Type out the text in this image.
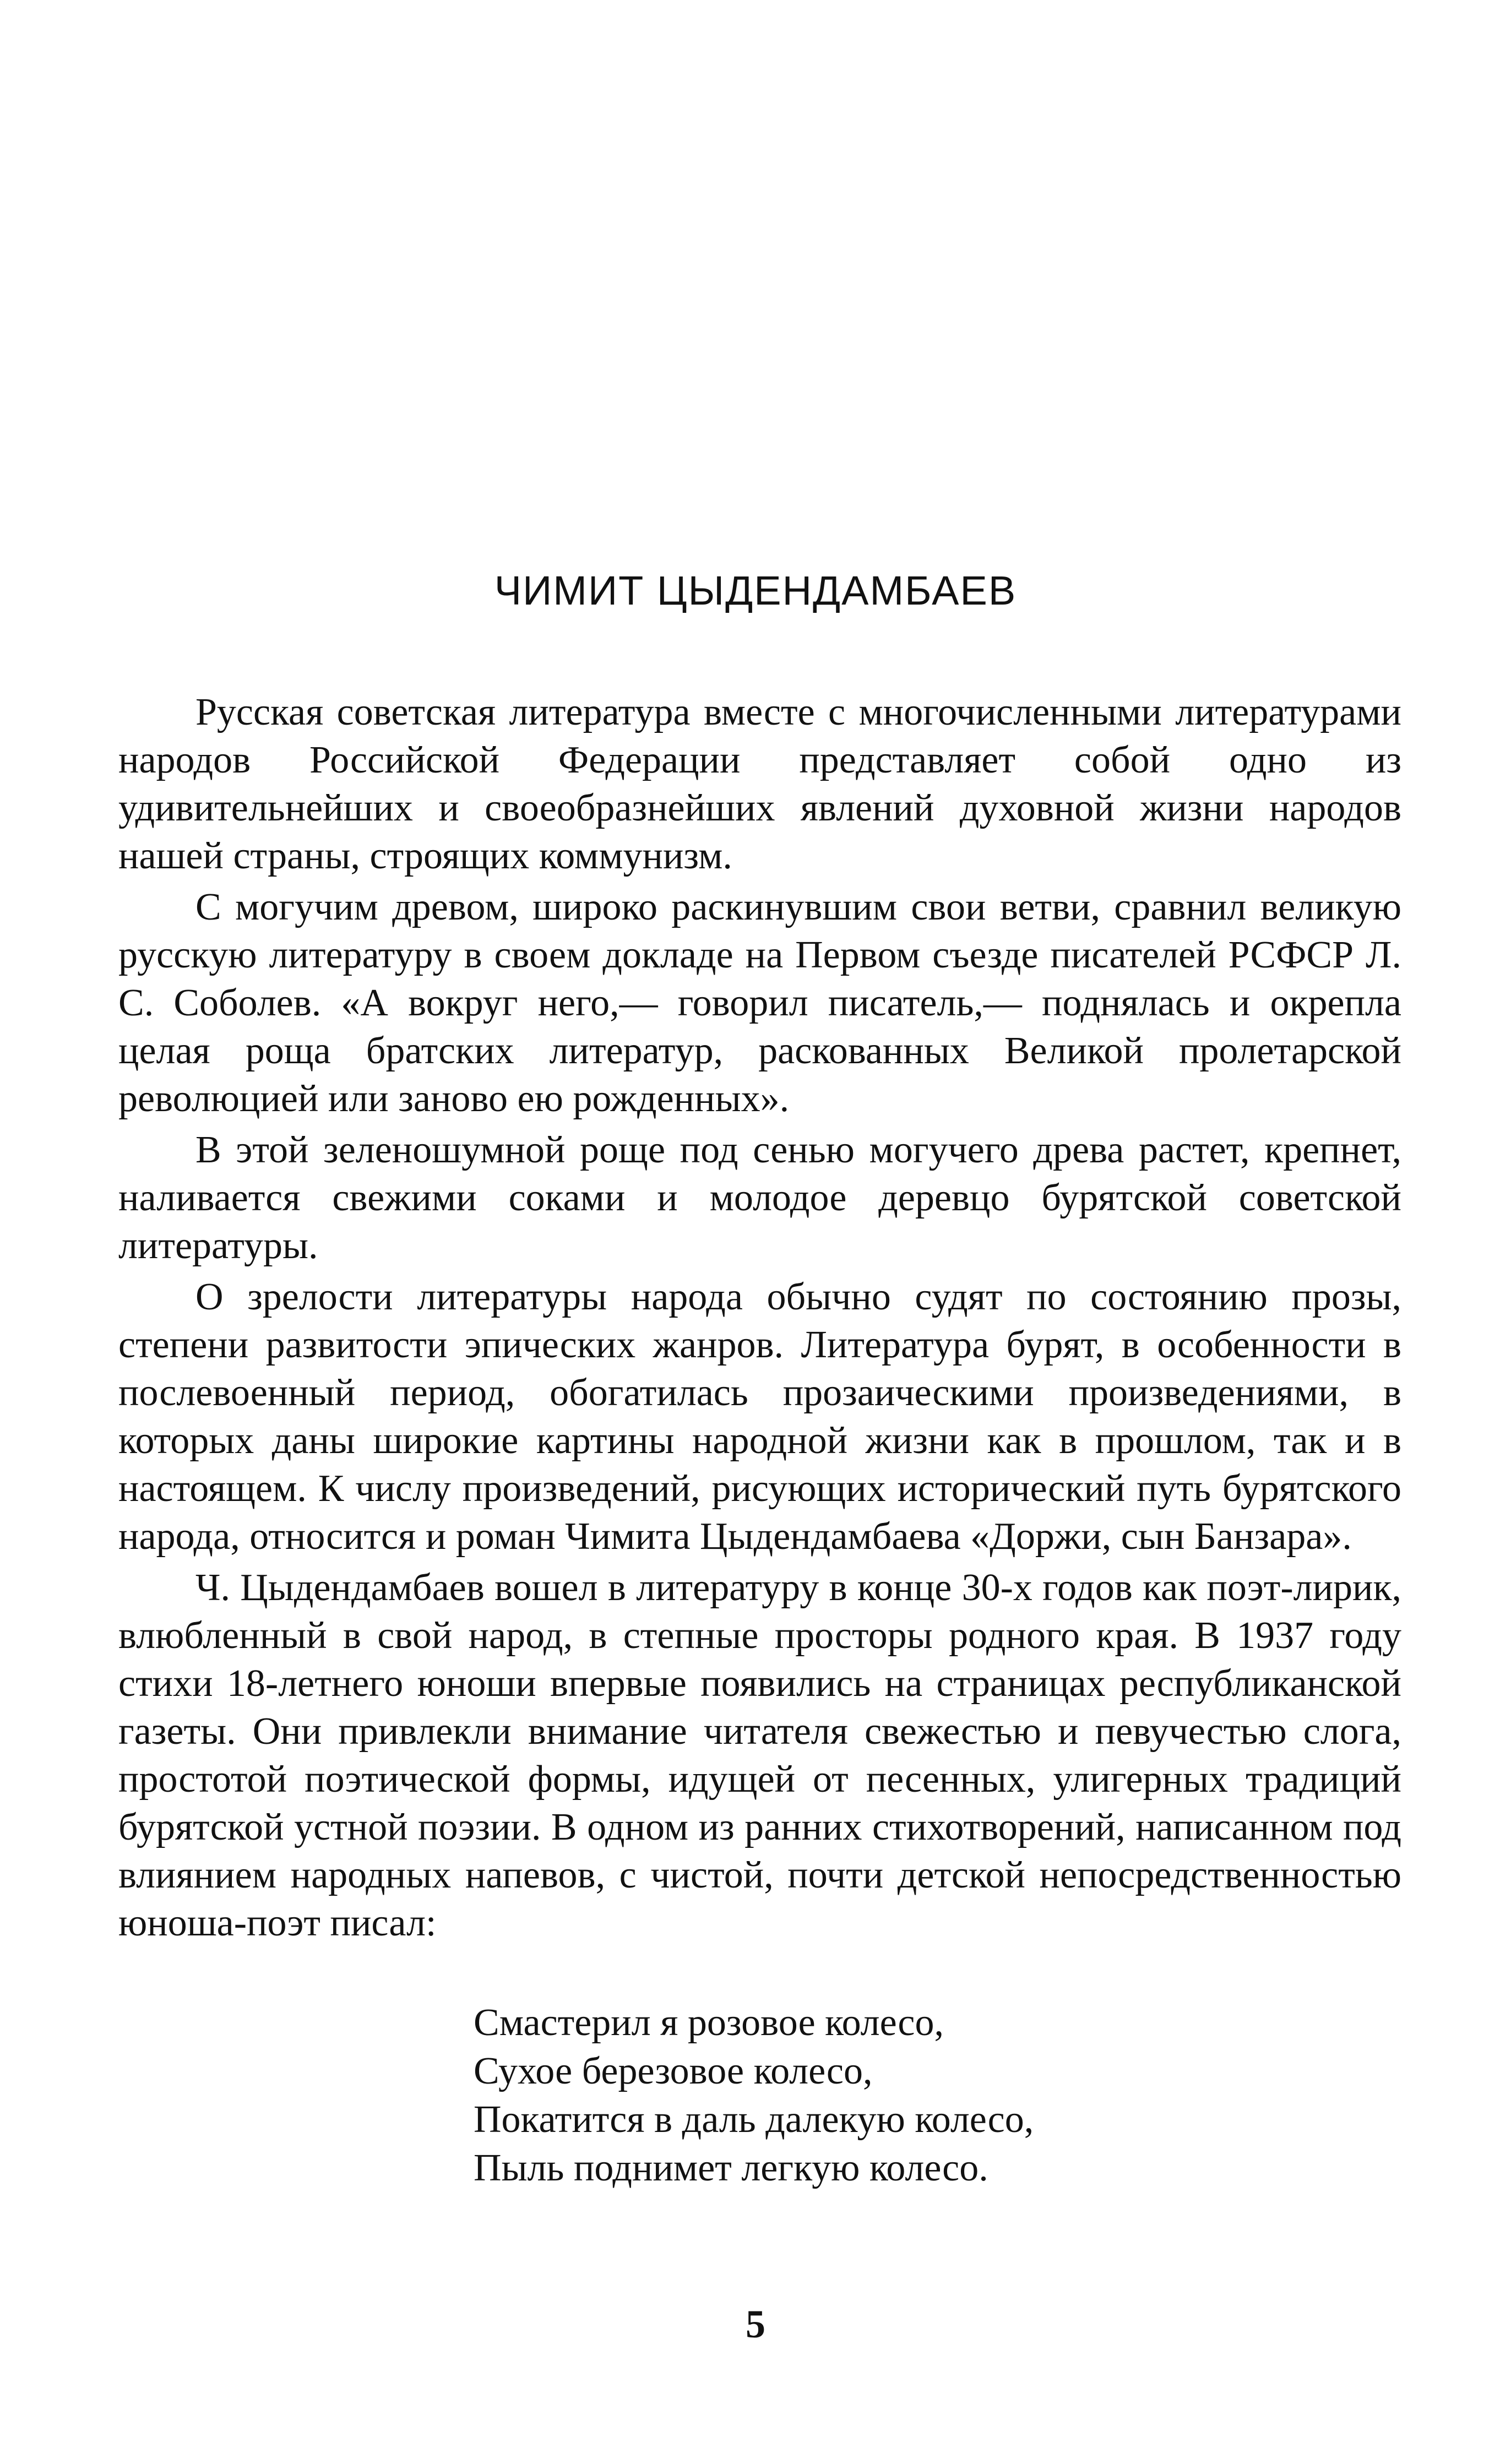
ЧИМИТ ЦЫДЕНДАМБАЕВ

Русская советская литература вместе с многочисленными литературами народов Российской Федерации представляет собой одно из удивительнейших и своеобразнейших явлений духовной жизни народов нашей страны, строящих коммунизм.

С могучим древом, широко раскинувшим свои ветви, сравнил великую русскую литературу в своем докладе на Первом съезде писателей РСФСР Л. С. Соболев. «А вокруг него,— говорил писатель,— поднялась и окрепла целая роща братских литератур, раскованных Великой пролетарской революцией или заново ею рожденных».

В этой зеленошумной роще под сенью могучего древа растет, крепнет, наливается свежими соками и молодое деревцо бурятской советской литературы.

О зрелости литературы народа обычно судят по состоянию прозы, степени развитости эпических жанров. Литература бурят, в особенности в послевоенный период, обогатилась прозаическими произведениями, в которых даны широкие картины народной жизни как в прошлом, так и в настоящем. К числу произведений, рисующих исторический путь бурятского народа, относится и роман Чимита Цыдендамбаева «Доржи, сын Банзара».

Ч. Цыдендамбаев вошел в литературу в конце 30-х годов как поэт-лирик, влюбленный в свой народ, в степные просторы родного края. В 1937 году стихи 18-летнего юноши впервые появились на страницах республиканской газеты. Они привлекли внимание читателя свежестью и певучестью слога, простотой поэтической формы, идущей от песенных, улигерных традиций бурятской устной поэзии. В одном из ранних стихотворений, написанном под влиянием народных напевов, с чистой, почти детской непосредственностью юноша-поэт писал:

Смастерил я розовое колесо,
Сухое березовое колесо,
Покатится в даль далекую колесо,
Пыль поднимет легкую колесо.
5
